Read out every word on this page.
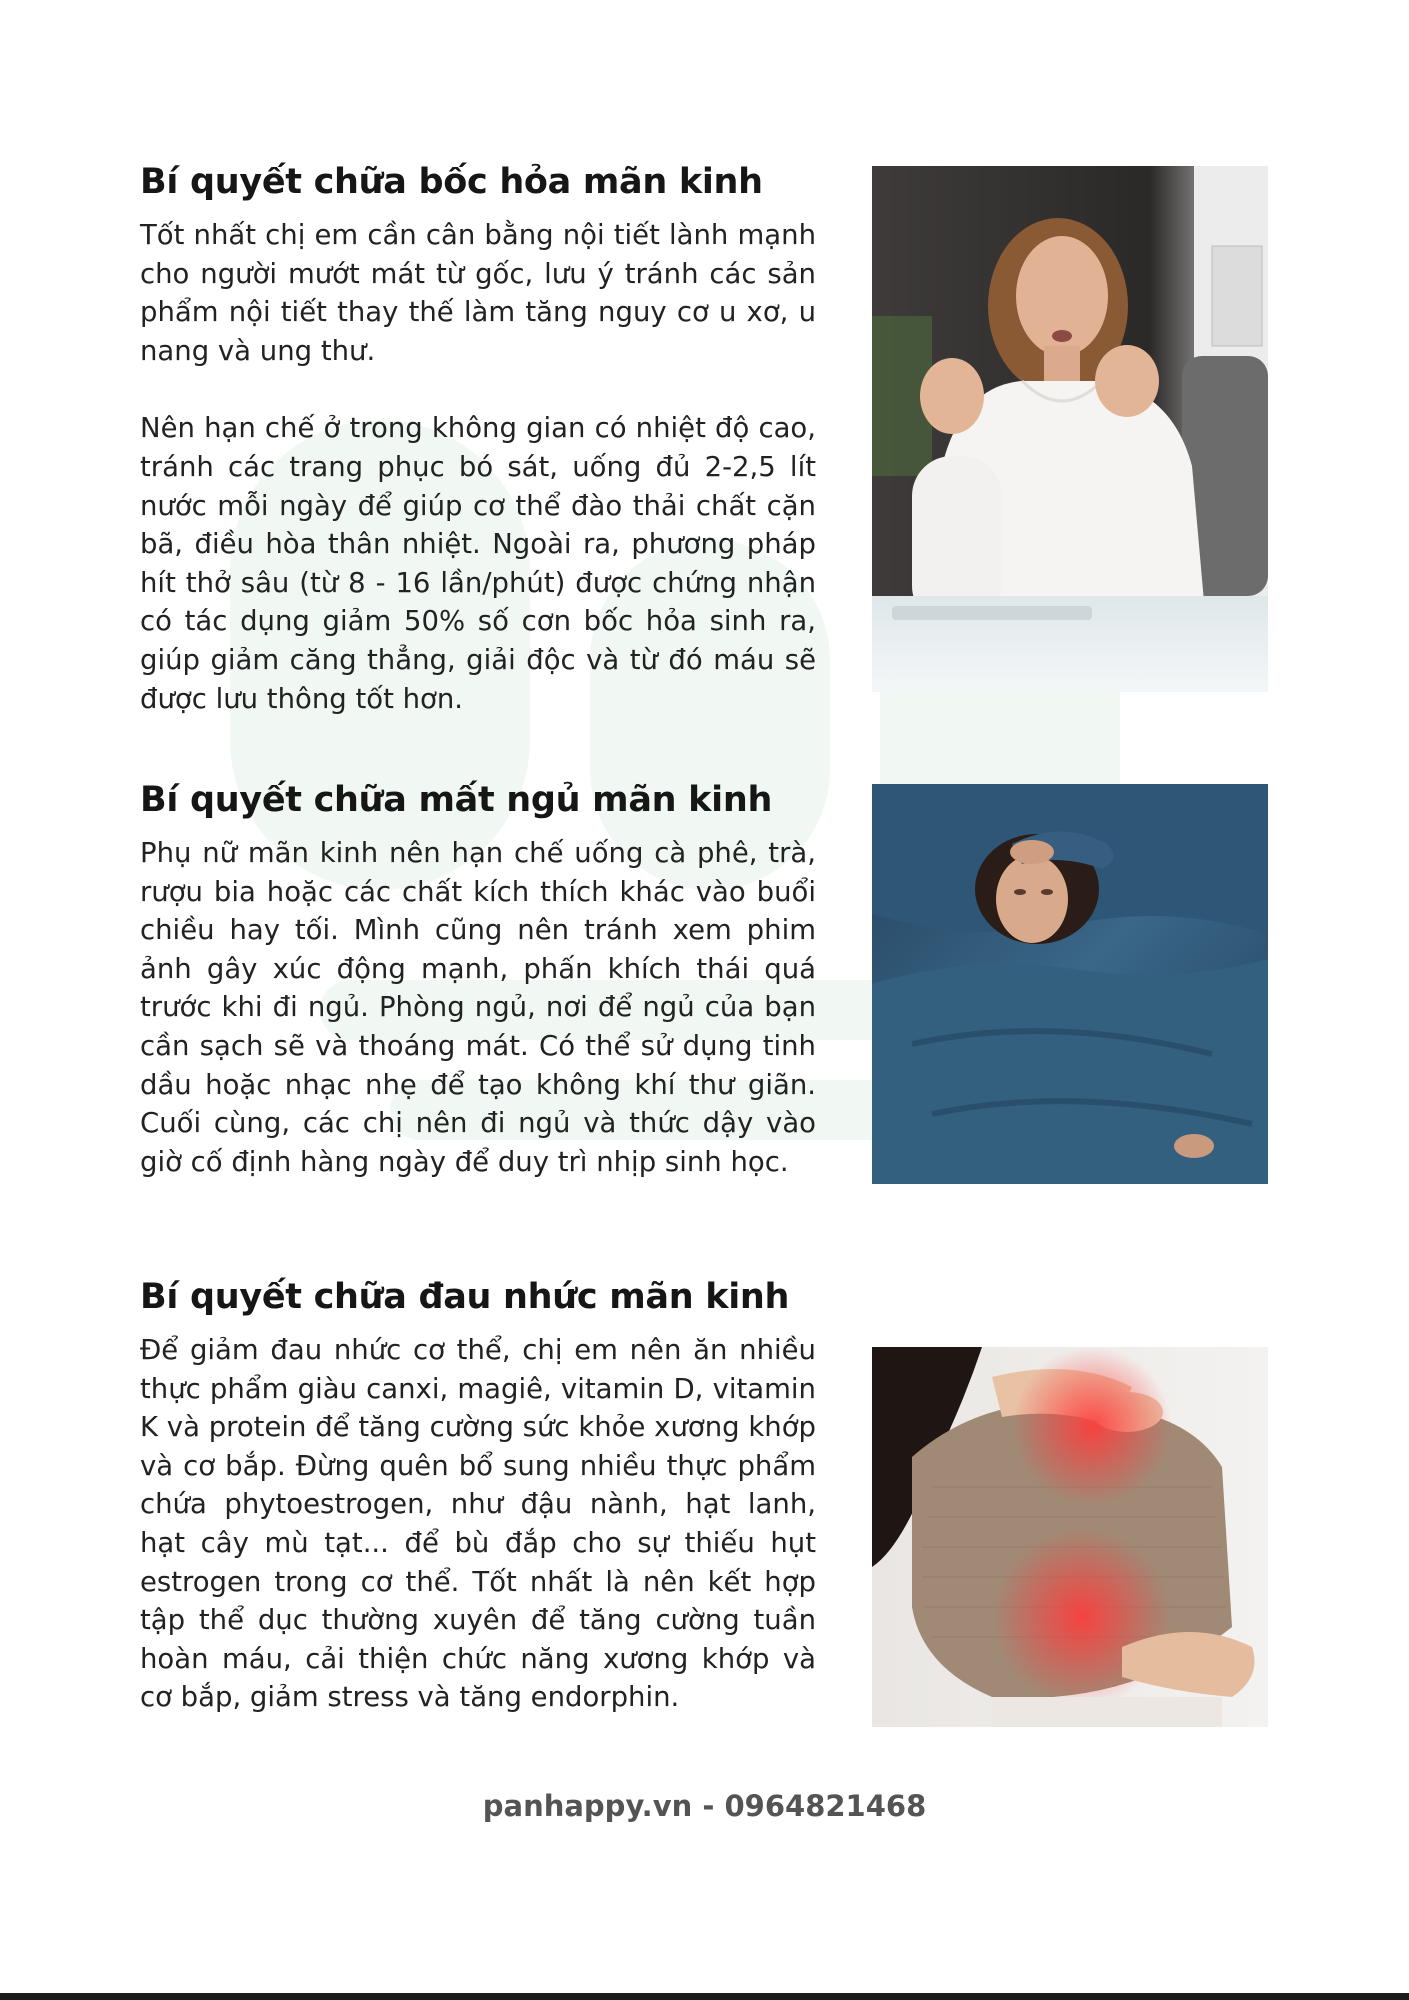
Bí quyết chữa bốc hỏa mãn kinh

Tốt nhất chị em cần cân bằng nội tiết lành mạnh cho người mướt mát từ gốc, lưu ý tránh các sản phẩm nội tiết thay thế làm tăng nguy cơ u xơ, u nang và ung thư.

Nên hạn chế ở trong không gian có nhiệt độ cao, tránh các trang phục bó sát, uống đủ 2-2,5 lít nước mỗi ngày để giúp cơ thể đào thải chất cặn bã, điều hòa thân nhiệt. Ngoài ra, phương pháp hít thở sâu (từ 8 - 16 lần/phút) được chứng nhận có tác dụng giảm 50% số cơn bốc hỏa sinh ra, giúp giảm căng thẳng, giải độc và từ đó máu sẽ được lưu thông tốt hơn.

Bí quyết chữa mất ngủ mãn kinh

Phụ nữ mãn kinh nên hạn chế uống cà phê, trà, rượu bia hoặc các chất kích thích khác vào buổi chiều hay tối. Mình cũng nên tránh xem phim ảnh gây xúc động mạnh, phấn khích thái quá trước khi đi ngủ. Phòng ngủ, nơi để ngủ của bạn cần sạch sẽ và thoáng mát. Có thể sử dụng tinh dầu hoặc nhạc nhẹ để tạo không khí thư giãn. Cuối cùng, các chị nên đi ngủ và thức dậy vào giờ cố định hàng ngày để duy trì nhịp sinh học.

Bí quyết chữa đau nhức mãn kinh

Để giảm đau nhức cơ thể, chị em nên ăn nhiều thực phẩm giàu canxi, magiê, vitamin D, vitamin K và protein để tăng cường sức khỏe xương khớp và cơ bắp. Đừng quên bổ sung nhiều thực phẩm chứa phytoestrogen, như đậu nành, hạt lanh, hạt cây mù tạt... để bù đắp cho sự thiếu hụt estrogen trong cơ thể. Tốt nhất là nên kết hợp tập thể dục thường xuyên để tăng cường tuần hoàn máu, cải thiện chức năng xương khớp và cơ bắp, giảm stress và tăng endorphin.

panhappy.vn - 0964821468
